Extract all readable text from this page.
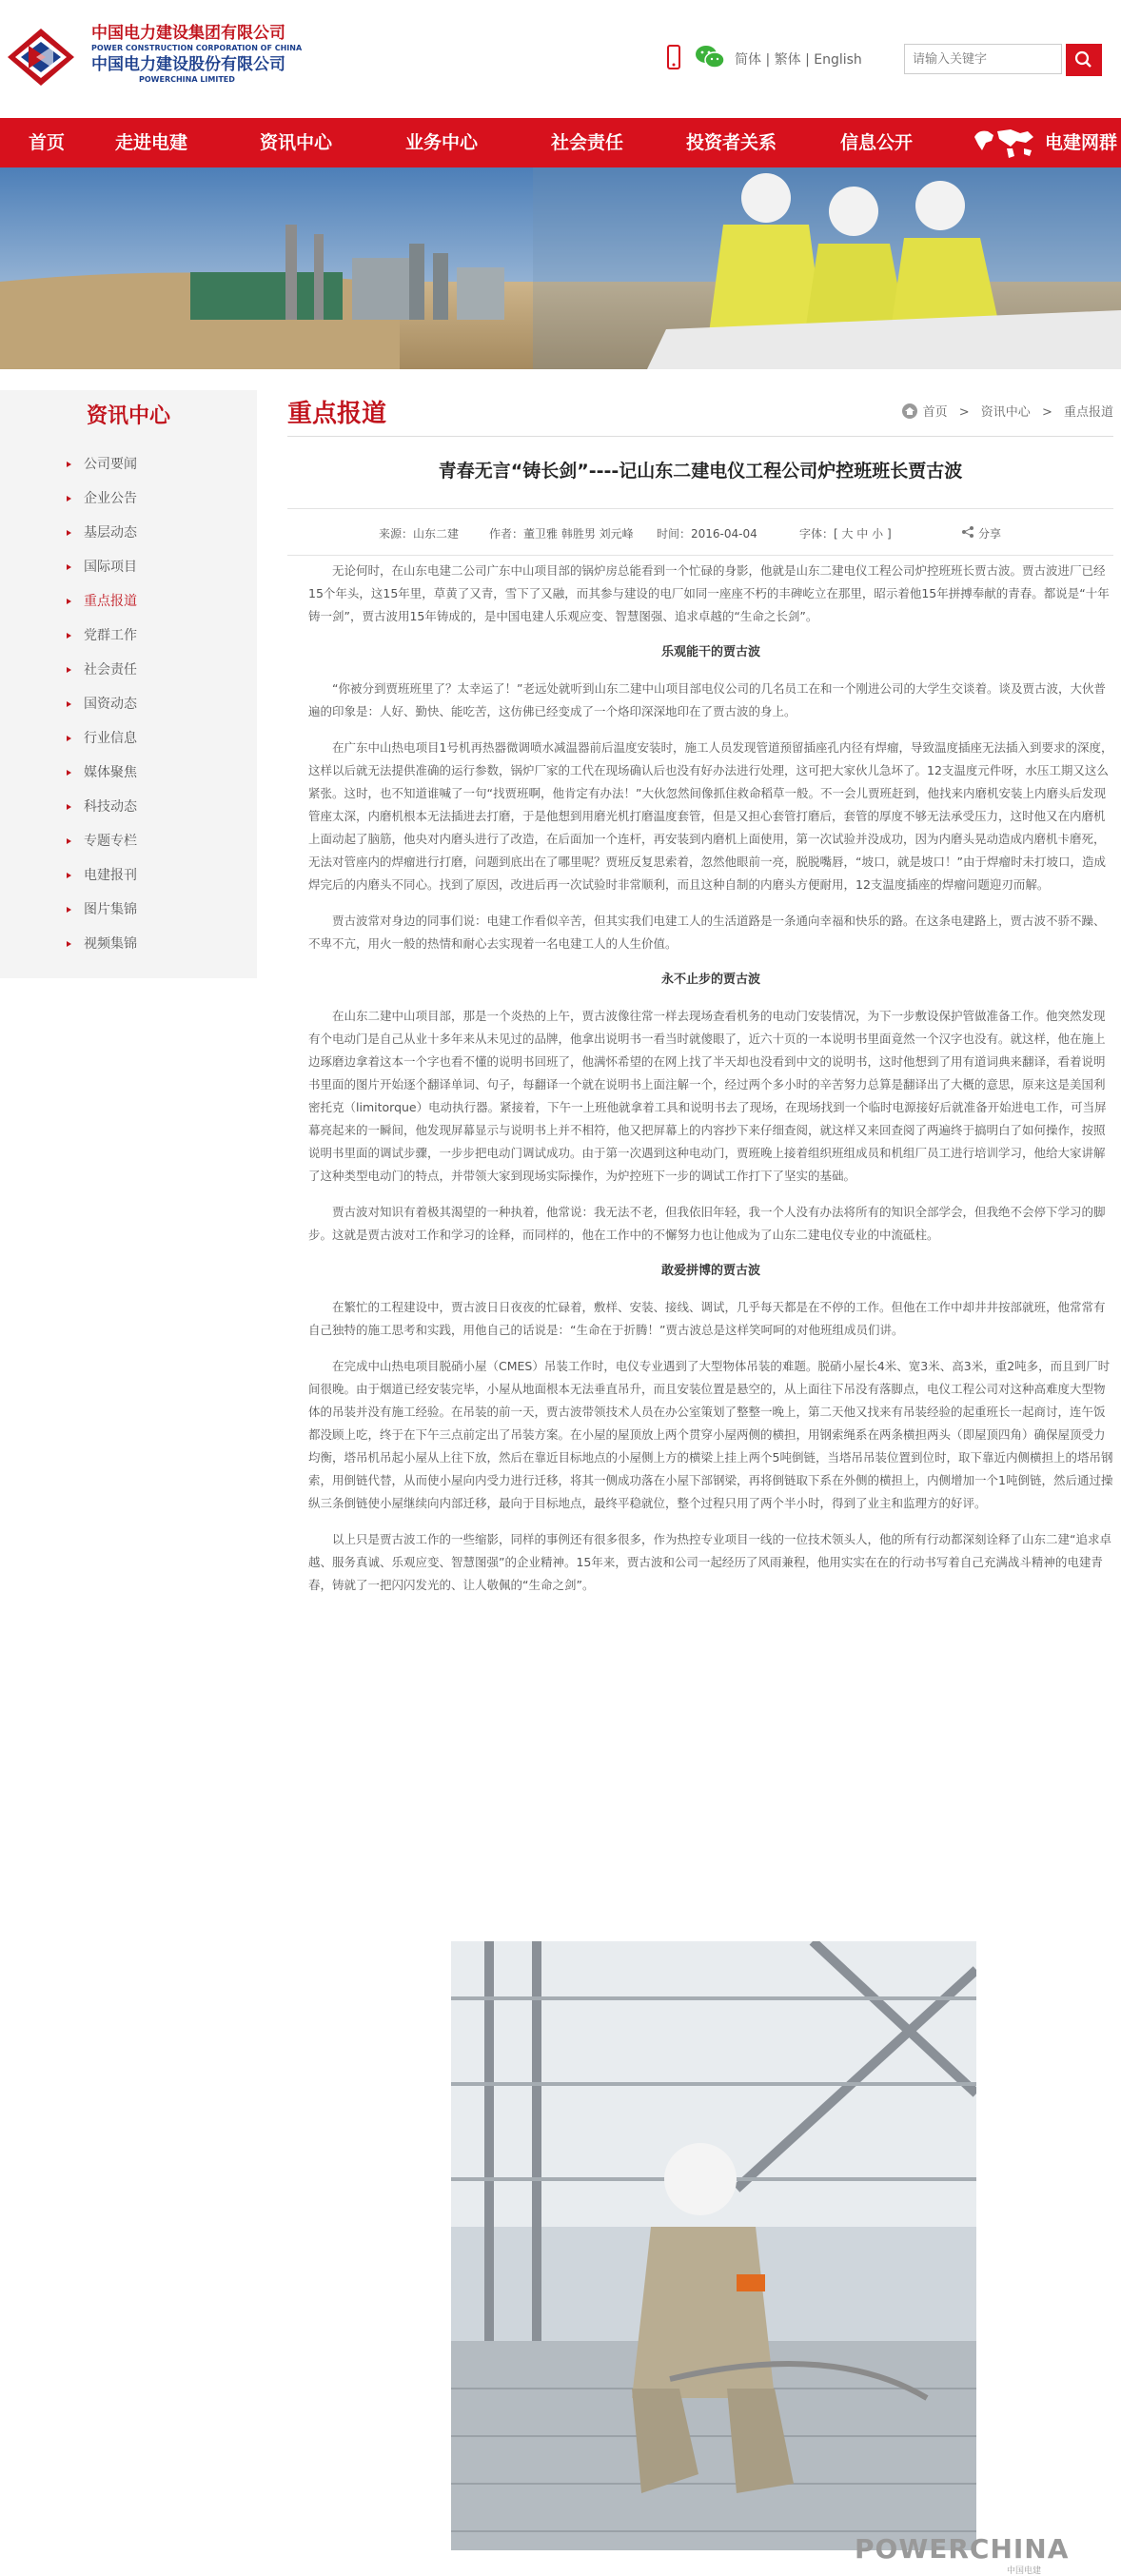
中国电力建设集团有限公司
POWER CONSTRUCTION CORPORATION OF CHINA
中国电力建设股份有限公司
POWERCHINA LIMITED
简体 | 繁体 | English
请输入关键字
首页	走进电建	资讯中心	业务中心	社会责任	投资者关系	信息公开	电建网群
资讯中心
公司要闻
企业公告
基层动态
国际项目
重点报道
党群工作
社会责任
国资动态
行业信息
媒体聚焦
科技动态
专题专栏
电建报刊
图片集锦
视频集锦
重点报道	首页 > 资讯中心 > 重点报道
青春无言“铸长剑”----记山东二建电仪工程公司炉控班班长贾古波
来源：山东二建	作者：董卫雅 韩胜男 刘元峰 时间：2016-04-04	字体：[ 大 中 小 ]	分享

无论何时，在山东电建二公司广东中山项目部的锅炉房总能看到一个忙碌的身影，他就是山东二建电仪工程公司炉控班班长贾古波。贾古波进厂已经15个年头，这15年里，草黄了又青，雪下了又融，而其参与建设的电厂如同一座座不朽的丰碑屹立在那里，昭示着他15年拼搏奉献的青春。都说是“十年铸一剑”，贾古波用15年铸成的，是中国电建人乐观应变、智慧图强、追求卓越的“生命之长剑”。

乐观能干的贾古波

“你被分到贾班班里了？太幸运了！”老远处就听到山东二建中山项目部电仪公司的几名员工在和一个刚进公司的大学生交谈着。谈及贾古波，大伙普遍的印象是：人好、勤快、能吃苦，这仿佛已经变成了一个烙印深深地印在了贾古波的身上。

在广东中山热电项目1号机再热器微调喷水减温器前后温度安装时，施工人员发现管道预留插座孔内径有焊瘤，导致温度插座无法插入到要求的深度，这样以后就无法提供准确的运行参数，锅炉厂家的工代在现场确认后也没有好办法进行处理，这可把大家伙儿急坏了。12支温度元件呀，水压工期又这么紧张。这时，也不知道谁喊了一句“找贾班啊，他肯定有办法！”大伙忽然间像抓住救命稻草一般。不一会儿贾班赶到，他找来内磨机安装上内磨头后发现管座太深，内磨机根本无法插进去打磨，于是他想到用磨光机打磨温度套管，但是又担心套管打磨后，套管的厚度不够无法承受压力，这时他又在内磨机上面动起了脑筋，他央对内磨头进行了改造，在后面加一个连杆，再安装到内磨机上面使用，第一次试验并没成功，因为内磨头晃动造成内磨机卡磨死，无法对管座内的焊瘤进行打磨，问题到底出在了哪里呢？贾班反复思索着，忽然他眼前一亮，脱脱嘴唇，“坡口，就是坡口！”由于焊瘤时未打坡口，造成焊完后的内磨头不同心。找到了原因，改进后再一次试验时非常顺利，而且这种自制的内磨头方便耐用，12支温度插座的焊瘤问题迎刃而解。

贾古波常对身边的同事们说：电建工作看似辛苦，但其实我们电建工人的生活道路是一条通向幸福和快乐的路。在这条电建路上，贾古波不骄不躁、不卑不亢，用火一般的热情和耐心去实现着一名电建工人的人生价值。

永不止步的贾古波

在山东二建中山项目部，那是一个炎热的上午，贾古波像往常一样去现场查看机务的电动门安装情况，为下一步敷设保护管做准备工作。他突然发现有个电动门是自己从业十多年来从未见过的品牌，他拿出说明书一看当时就傻眼了，近六十页的一本说明书里面竟然一个汉字也没有。就这样，他在施上边琢磨边拿着这本一个字也看不懂的说明书回班了，他满怀希望的在网上找了半天却也没看到中文的说明书，这时他想到了用有道词典来翻译，看着说明书里面的图片开始逐个翻译单词、句子，每翻译一个就在说明书上面注解一个，经过两个多小时的辛苦努力总算是翻译出了大概的意思，原来这是美国利密托克（limitorque）电动执行器。紧接着，下午一上班他就拿着工具和说明书去了现场，在现场找到一个临时电源接好后就准备开始进电工作，可当屏幕亮起来的一瞬间，他发现屏幕显示与说明书上并不相符，他又把屏幕上的内容抄下来仔细查阅，就这样又来回查阅了两遍终于搞明白了如何操作，按照说明书里面的调试步骤，一步步把电动门调试成功。由于第一次遇到这种电动门，贾班晚上接着组织班组成员和机组厂员工进行培训学习，他给大家讲解了这种类型电动门的特点，并带领大家到现场实际操作，为炉控班下一步的调试工作打下了坚实的基础。

贾古波对知识有着极其渴望的一种执着，他常说：我无法不老，但我依旧年轻，我一个人没有办法将所有的知识全部学会，但我绝不会停下学习的脚步。这就是贾古波对工作和学习的诠释，而同样的，他在工作中的不懈努力也让他成为了山东二建电仪专业的中流砥柱。

敢爱拼博的贾古波

在繁忙的工程建设中，贾古波日日夜夜的忙碌着，敷样、安装、接线、调试，几乎每天都是在不停的工作。但他在工作中却井井按部就班，他常常有自己独特的施工思考和实践，用他自己的话说是：“生命在于折腾！”贾古波总是这样笑呵呵的对他班组成员们讲。

在完成中山热电项目脱硝小屋（CMES）吊装工作时，电仪专业遇到了大型物体吊装的难题。脱硝小屋长4米、宽3米、高3米，重2吨多，而且到厂时间很晚。由于烟道已经安装完毕，小屋从地面根本无法垂直吊升，而且安装位置是悬空的，从上面往下吊没有落脚点，电仪工程公司对这种高难度大型物体的吊装并没有施工经验。在吊装的前一天，贾古波带领技术人员在办公室策划了整整一晚上，第二天他又找来有吊装经验的起重班长一起商讨，连午饭都没顾上吃，终于在下午三点前定出了吊装方案。在小屋的屋顶放上两个贯穿小屋两侧的横担，用钢索绳系在两条横担两头（即屋顶四角）确保屋顶受力均衡，塔吊机吊起小屋从上往下放，然后在靠近目标地点的小屋侧上方的横梁上挂上两个5吨倒链，当塔吊吊装位置到位时，取下靠近内侧横担上的塔吊钢索，用倒链代替，从而使小屋向内受力进行迁移，将其一侧成功落在小屋下部钢梁，再将倒链取下系在外侧的横担上，内侧增加一个1吨倒链，然后通过操纵三条倒链使小屋继续向内部迁移，最向于目标地点，最终平稳就位，整个过程只用了两个半小时，得到了业主和监理方的好评。

以上只是贾古波工作的一些缩影，同样的事例还有很多很多，作为热控专业项目一线的一位技术领头人，他的所有行动都深刻诠释了山东二建“追求卓越、服务真诚、乐观应变、智慧图强”的企业精神。15年来，贾古波和公司一起经历了风雨兼程，他用实实在在的行动书写着自己充满战斗精神的电建青春，铸就了一把闪闪发光的、让人敬佩的“生命之剑”。

POWERCHINA
中国电建
